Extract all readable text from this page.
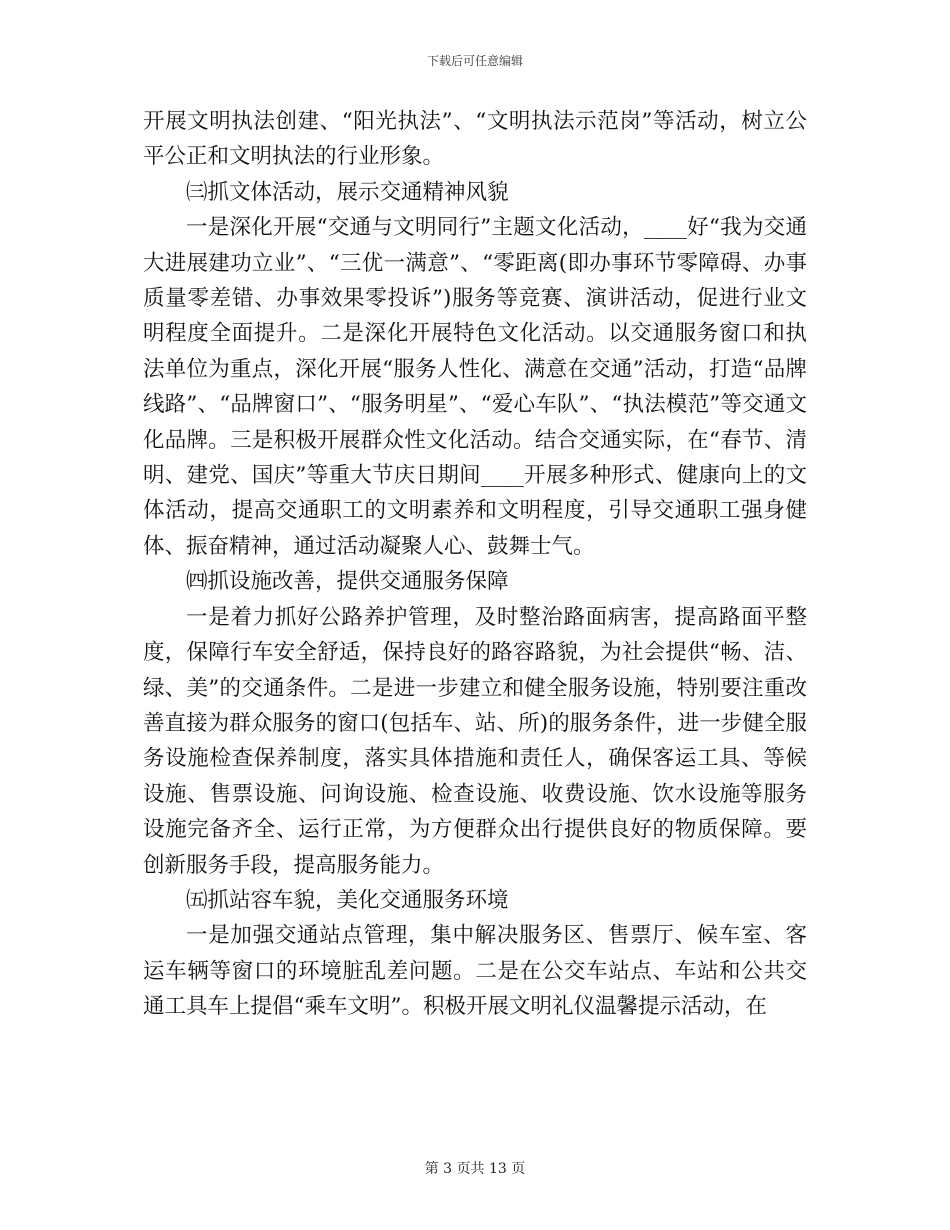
下载后可任意编辑

开展文明执法创建、“阳光执法”、“文明执法示范岗”等活动，树立公平公正和文明执法的行业形象。

㈢抓文体活动，展示交通精神风貌

一是深化开展“交通与文明同行”主题文化活动，____好“我为交通大进展建功立业”、“三优一满意”、“零距离(即办事环节零障碍、办事质量零差错、办事效果零投诉”)服务等竞赛、演讲活动，促进行业文明程度全面提升。二是深化开展特色文化活动。以交通服务窗口和执法单位为重点，深化开展“服务人性化、满意在交通”活动，打造“品牌线路”、“品牌窗口”、“服务明星”、“爱心车队”、“执法模范”等交通文化品牌。三是积极开展群众性文化活动。结合交通实际，在“春节、清明、建党、国庆”等重大节庆日期间____开展多种形式、健康向上的文体活动，提高交通职工的文明素养和文明程度，引导交通职工强身健体、振奋精神，通过活动凝聚人心、鼓舞士气。

㈣抓设施改善，提供交通服务保障

一是着力抓好公路养护管理，及时整治路面病害，提高路面平整度，保障行车安全舒适，保持良好的路容路貌，为社会提供“畅、洁、绿、美”的交通条件。二是进一步建立和健全服务设施，特别要注重改善直接为群众服务的窗口(包括车、站、所)的服务条件，进一步健全服务设施检查保养制度，落实具体措施和责任人，确保客运工具、等候设施、售票设施、问询设施、检查设施、收费设施、饮水设施等服务设施完备齐全、运行正常，为方便群众出行提供良好的物质保障。要创新服务手段，提高服务能力。

㈤抓站容车貌，美化交通服务环境

一是加强交通站点管理，集中解决服务区、售票厅、候车室、客运车辆等窗口的环境脏乱差问题。二是在公交车站点、车站和公共交通工具车上提倡“乘车文明”。积极开展文明礼仪温馨提示活动，在

第 3 页共 13 页
